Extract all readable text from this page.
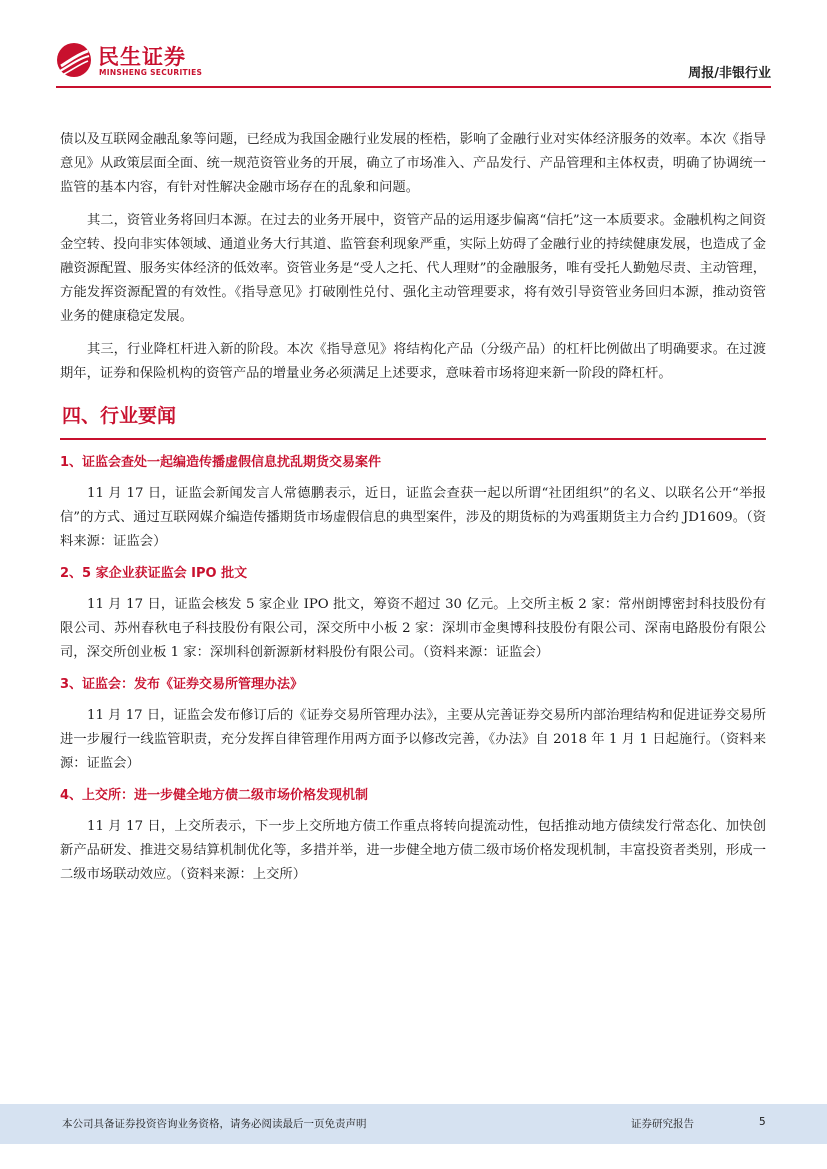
民生证券
MINSHENG SECURITIES	周报/非银行业

债以及互联网金融乱象等问题，已经成为我国金融行业发展的桎梏，影响了金融行业对实体经济服务的效率。本次《指导意见》从政策层面全面、统一规范资管业务的开展，确立了市场准入、产品发行、产品管理和主体权责，明确了协调统一监管的基本内容，有针对性解决金融市场存在的乱象和问题。

其二，资管业务将回归本源。在过去的业务开展中，资管产品的运用逐步偏离“信托”这一本质要求。金融机构之间资金空转、投向非实体领域、通道业务大行其道、监管套利现象严重，实际上妨碍了金融行业的持续健康发展，也造成了金融资源配置、服务实体经济的低效率。资管业务是“受人之托、代人理财”的金融服务，唯有受托人勤勉尽责、主动管理，方能发挥资源配置的有效性。《指导意见》打破刚性兑付、强化主动管理要求，将有效引导资管业务回归本源，推动资管业务的健康稳定发展。

其三，行业降杠杆进入新的阶段。本次《指导意见》将结构化产品（分级产品）的杠杆比例做出了明确要求。在过渡期年，证券和保险机构的资管产品的增量业务必须满足上述要求，意味着市场将迎来新一阶段的降杠杆。

四、行业要闻
1、证监会查处一起编造传播虚假信息扰乱期货交易案件

11 月 17 日，证监会新闻发言人常德鹏表示，近日，证监会查获一起以所谓“社团组织”的名义、以联名公开“举报信”的方式、通过互联网媒介编造传播期货市场虚假信息的典型案件，涉及的期货标的为鸡蛋期货主力合约 JD1609。（资料来源：证监会）

2、5 家企业获证监会 IPO 批文

11 月 17 日，证监会核发 5 家企业 IPO 批文，筹资不超过 30 亿元。上交所主板 2 家：常州朗博密封科技股份有限公司、苏州春秋电子科技股份有限公司，深交所中小板 2 家：深圳市金奥博科技股份有限公司、深南电路股份有限公司，深交所创业板 1 家：深圳科创新源新材料股份有限公司。（资料来源：证监会）

3、证监会：发布《证券交易所管理办法》

11 月 17 日，证监会发布修订后的《证券交易所管理办法》，主要从完善证券交易所内部治理结构和促进证券交易所进一步履行一线监管职责，充分发挥自律管理作用两方面予以修改完善，《办法》自 2018 年 1 月 1 日起施行。（资料来源：证监会）

4、上交所：进一步健全地方债二级市场价格发现机制

11 月 17 日，上交所表示，下一步上交所地方债工作重点将转向提流动性，包括推动地方债续发行常态化、加快创新产品研发、推进交易结算机制优化等，多措并举，进一步健全地方债二级市场价格发现机制，丰富投资者类别，形成一二级市场联动效应。（资料来源：上交所）

本公司具备证券投资咨询业务资格，请务必阅读最后一页免责声明	证券研究报告	5
